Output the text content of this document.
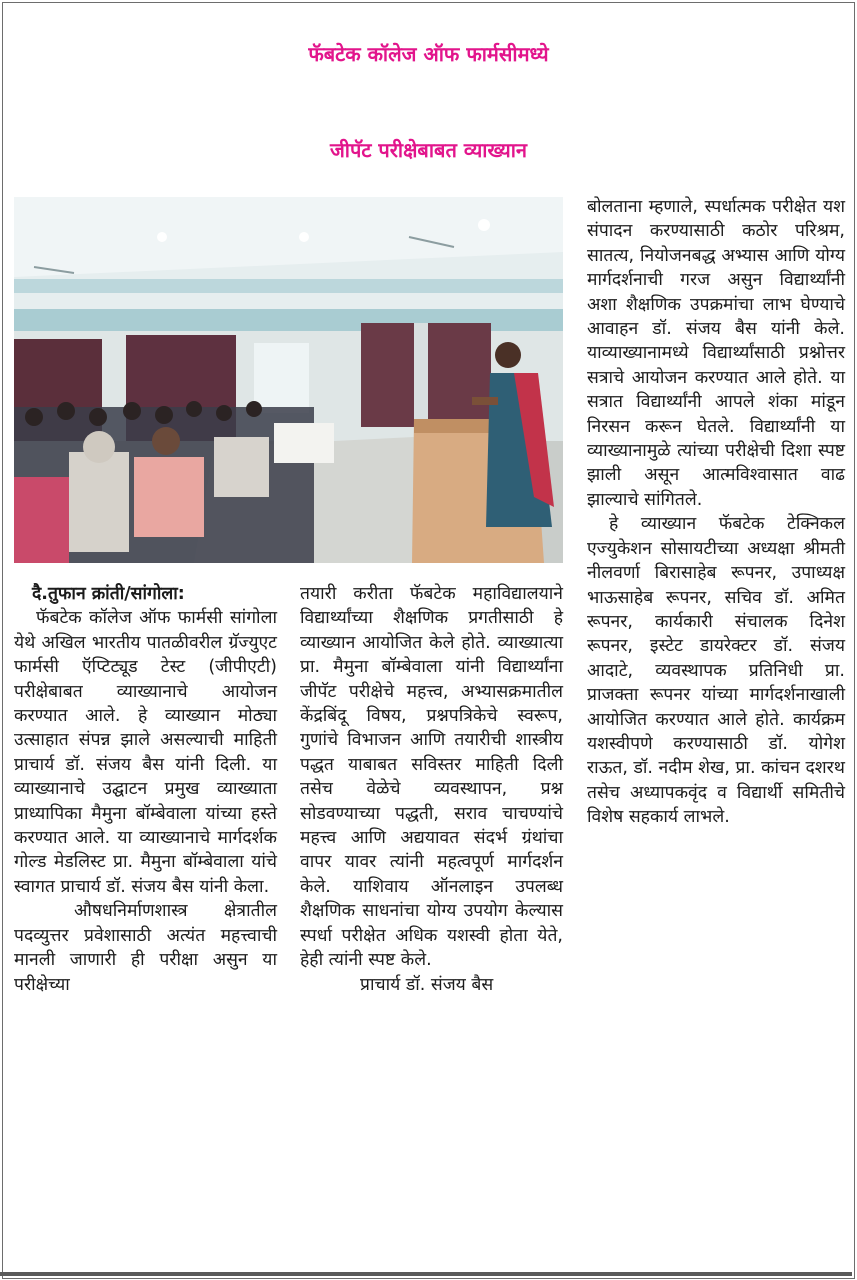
फॅबटेक कॉलेज ऑफ फार्मसीमध्ये
जीपॅट परीक्षेबाबत व्याख्यान

दै.तुफान क्रांती/सांगोला:

फॅबटेक कॉलेज ऑफ फार्मसी सांगोला येथे अखिल भारतीय पातळीवरील ग्रॅज्युएट फार्मसी ऍप्टिट्यूड टेस्ट (जीपीएटी) परीक्षेबाबत व्याख्यानाचे आयोजन करण्यात आले. हे व्याख्यान मोठ्या उत्साहात संपन्न झाले असल्याची माहिती प्राचार्य डॉ. संजय बैस यांनी दिली. या व्याख्यानाचे उद्घाटन प्रमुख व्याख्याता प्राध्यापिका मैमुना बॉम्बेवाला यांच्या हस्ते करण्यात आले. या व्याख्यानाचे मार्गदर्शक गोल्ड मेडलिस्ट प्रा. मैमुना बॉम्बेवाला यांचे स्वागत प्राचार्य डॉ. संजय बैस यांनी केला.

औषधनिर्माणशास्त्र क्षेत्रातील पदव्युत्तर प्रवेशासाठी अत्यंत महत्त्वाची मानली जाणारी ही परीक्षा असुन या परीक्षेच्या

तयारी करीता फॅबटेक महाविद्यालयाने विद्यार्थ्यांच्या शैक्षणिक प्रगतीसाठी हे व्याख्यान आयोजित केले होते. व्याख्यात्या प्रा. मैमुना बॉम्बेवाला यांनी विद्यार्थ्यांना जीपॅट परीक्षेचे महत्त्व, अभ्यासक्रमातील केंद्रबिंदू विषय, प्रश्नपत्रिकेचे स्वरूप, गुणांचे विभाजन आणि तयारीची शास्त्रीय पद्धत याबाबत सविस्तर माहिती दिली तसेच वेळेचे व्यवस्थापन, प्रश्न सोडवण्याच्या पद्धती, सराव चाचण्यांचे महत्त्व आणि अद्ययावत संदर्भ ग्रंथांचा वापर यावर त्यांनी महत्वपूर्ण मार्गदर्शन केले. याशिवाय ऑनलाइन उपलब्ध शैक्षणिक साधनांचा योग्य उपयोग केल्यास स्पर्धा परीक्षेत अधिक यशस्वी होता येते, हेही त्यांनी स्पष्ट केले.

प्राचार्य डॉ. संजय बैस

बोलताना म्हणाले, स्पर्धात्मक परीक्षेत यश संपादन करण्यासाठी कठोर परिश्रम, सातत्य, नियोजनबद्ध अभ्यास आणि योग्य मार्गदर्शनाची गरज असुन विद्यार्थ्यांनी अशा शैक्षणिक उपक्रमांचा लाभ घेण्याचे आवाहन डॉ. संजय बैस यांनी केले. याव्याख्यानामध्ये विद्यार्थ्यांसाठी प्रश्नोत्तर सत्राचे आयोजन करण्यात आले होते. या सत्रात विद्यार्थ्यांनी आपले शंका मांडून निरसन करून घेतले. विद्यार्थ्यांनी या व्याख्यानामुळे त्यांच्या परीक्षेची दिशा स्पष्ट झाली असून आत्मविश्वासात वाढ झाल्याचे सांगितले.

हे व्याख्यान फॅबटेक टेक्निकल एज्युकेशन सोसायटीच्या अध्यक्षा श्रीमती नीलवर्णा बिरासाहेब रूपनर, उपाध्यक्ष भाऊसाहेब रूपनर, सचिव डॉ. अमित रूपनर, कार्यकारी संचालक दिनेश रूपनर, इस्टेट डायरेक्टर डॉ. संजय आदाटे, व्यवस्थापक प्रतिनिधी प्रा. प्राजक्ता रूपनर यांच्या मार्गदर्शनाखाली आयोजित करण्यात आले होते. कार्यक्रम यशस्वीपणे करण्यासाठी डॉ. योगेश राऊत, डॉ. नदीम शेख, प्रा. कांचन दशरथ तसेच अध्यापकवृंद व विद्यार्थी समितीचे विशेष सहकार्य लाभले.
